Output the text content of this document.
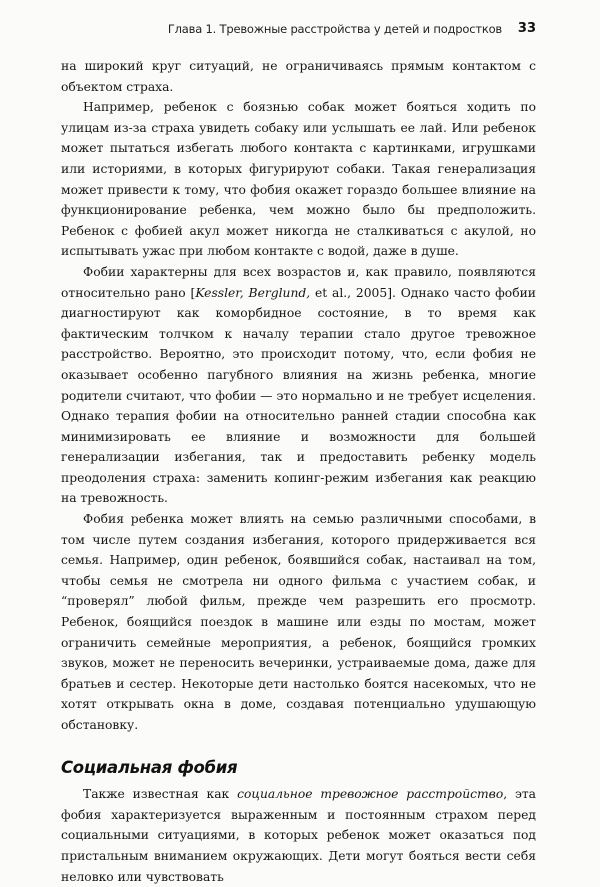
Глава 1. Тревожные расстройства у детей и подростков 33

на широкий круг ситуаций, не ограничиваясь прямым контактом с объектом страха.

Например, ребенок с боязнью собак может бояться ходить по улицам из-за страха увидеть собаку или услышать ее лай. Или ребенок может пытаться избегать любого контакта с картинками, игрушками или историями, в которых фигурируют собаки. Такая генерализация может привести к тому, что фобия окажет гораздо большее влияние на функционирование ребенка, чем можно было бы предположить. Ребенок с фобией акул может никогда не сталкиваться с акулой, но испытывать ужас при любом контакте с водой, даже в душе.

Фобии характерны для всех возрастов и, как правило, появляются относительно рано [Kessler, Berglund, et al., 2005]. Однако часто фобии диагностируют как коморбидное состояние, в то время как фактическим толчком к началу терапии стало другое тревожное расстройство. Вероятно, это происходит потому, что, если фобия не оказывает особенно пагубного влияния на жизнь ребенка, многие родители считают, что фобии — это нормально и не требует исцеления. Однако терапия фобии на относительно ранней стадии способна как минимизировать ее влияние и возможности для большей генерализации избегания, так и предоставить ребенку модель преодоления страха: заменить копинг-режим избегания как реакцию на тревожность.

Фобия ребенка может влиять на семью различными способами, в том числе путем создания избегания, которого придерживается вся семья. Например, один ребенок, боявшийся собак, настаивал на том, чтобы семья не смотрела ни одного фильма с участием собак, и “проверял” любой фильм, прежде чем разрешить его просмотр. Ребенок, боящийся поездок в машине или езды по мостам, может ограничить семейные мероприятия, а ребенок, боящийся громких звуков, может не переносить вечеринки, устраиваемые дома, даже для братьев и сестер. Некоторые дети настолько боятся насекомых, что не хотят открывать окна в доме, создавая потенциально удушающую обстановку.

Социальная фобия

Также известная как социальное тревожное расстройство, эта фобия характеризуется выраженным и постоянным страхом перед социальными ситуациями, в которых ребенок может оказаться под пристальным вниманием окружающих. Дети могут бояться вести себя неловко или чувствовать
